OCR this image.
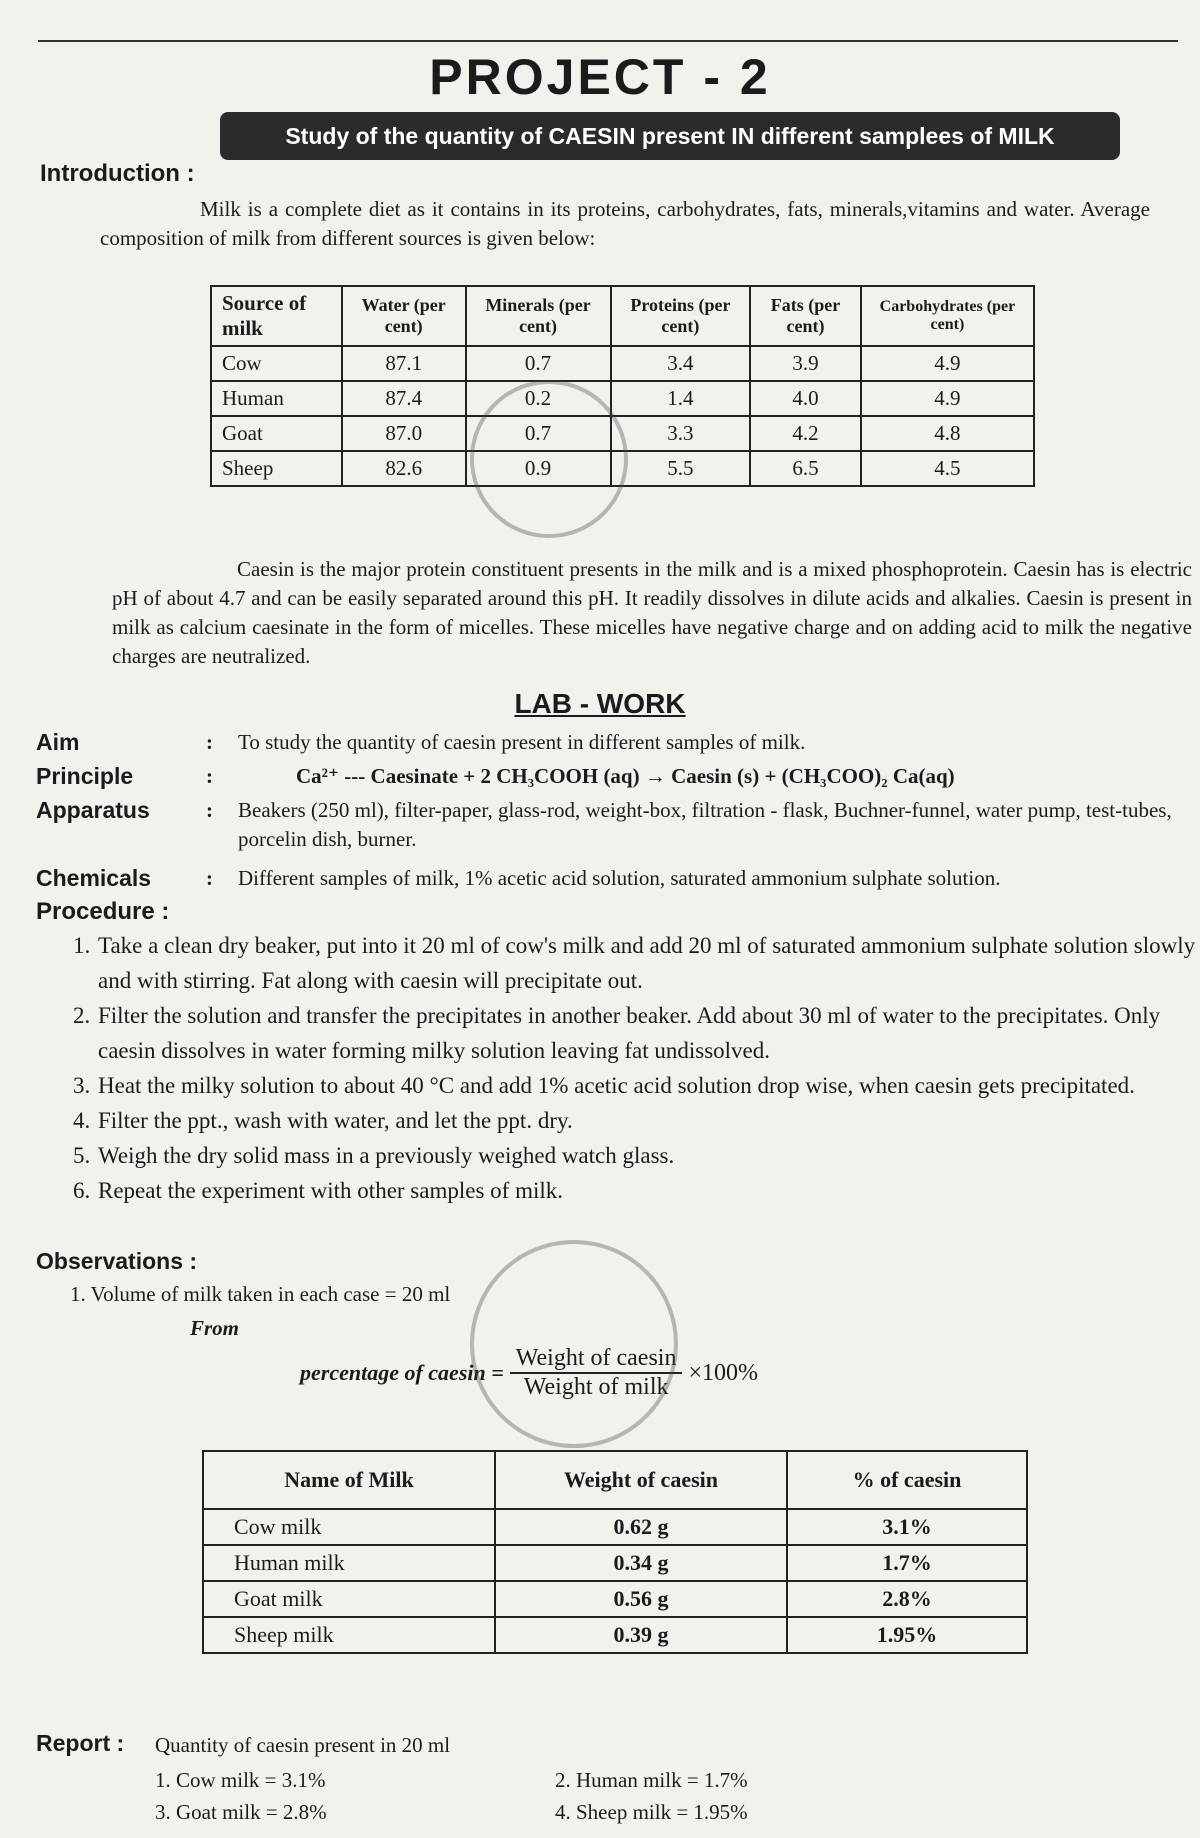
PROJECT - 2
Study of the quantity of CAESIN present IN different samplees of MILK
Introduction :
Milk is a complete diet as it contains in its proteins, carbohydrates, fats, minerals,vitamins and water. Average composition of milk from different sources is given below:
Source of milk	Water (per cent)	Minerals (per cent)	Proteins (per cent)	Fats (per cent)	Carbohydrates (per cent)
Cow	87.1	0.7	3.4	3.9	4.9
Human	87.4	0.2	1.4	4.0	4.9
Goat	87.0	0.7	3.3	4.2	4.8
Sheep	82.6	0.9	5.5	6.5	4.5
Caesin is the major protein constituent presents in the milk and is a mixed phosphoprotein. Caesin has is electric pH of about 4.7 and can be easily separated around this pH. It readily dissolves in dilute acids and alkalies. Caesin is present in milk as calcium caesinate in the form of micelles. These micelles have negative charge and on adding acid to milk the negative charges are neutralized.
LAB - WORK
Aim	: To study the quantity of caesin present in different samples of milk.
Principle	:	Ca²⁺ --- Caesinate + 2 CH₃COOH (aq) → Caesin (s) + (CH₃COO)₂ Ca(aq)
Apparatus	: Beakers (250 ml), filter-paper, glass-rod, weight-box, filtration - flask, Buchner-funnel, water pump, test-tubes, porcelin dish, burner.
Chemicals	: Different samples of milk, 1% acetic acid solution, saturated ammonium sulphate solution.
Procedure :
1. Take a clean dry beaker, put into it 20 ml of cow's milk and add 20 ml of saturated ammonium sulphate solution slowly and with stirring. Fat along with caesin will precipitate out.
2. Filter the solution and transfer the precipitates in another beaker. Add about 30 ml of water to the precipitates. Only caesin dissolves in water forming milky solution leaving fat undissolved.
3. Heat the milky solution to about 40 °C and add 1% acetic acid solution drop wise, when caesin gets precipitated.
4. Filter the ppt., wash with water, and let the ppt. dry.
5. Weigh the dry solid mass in a previously weighed watch glass.
6. Repeat the experiment with other samples of milk.
Observations :
1. Volume of milk taken in each case = 20 ml
From
percentage of $caesin = \frac{\text{Weight of caesin}}{\text{Weight of milk}} \times 100\%$
Name of Milk	Weight of caesin	% of caesin
Cow milk	0.62 g	3.1%
Human milk	0.34 g	1.7%
Goat milk	0.56 g	2.8%
Sheep milk	0.39 g	1.95%
Report : Quantity of caesin present in 20 ml
1. Cow milk = 3.1%	2. Human milk = 1.7%
3. Goat milk = 2.8%	4. Sheep milk = 1.95%
